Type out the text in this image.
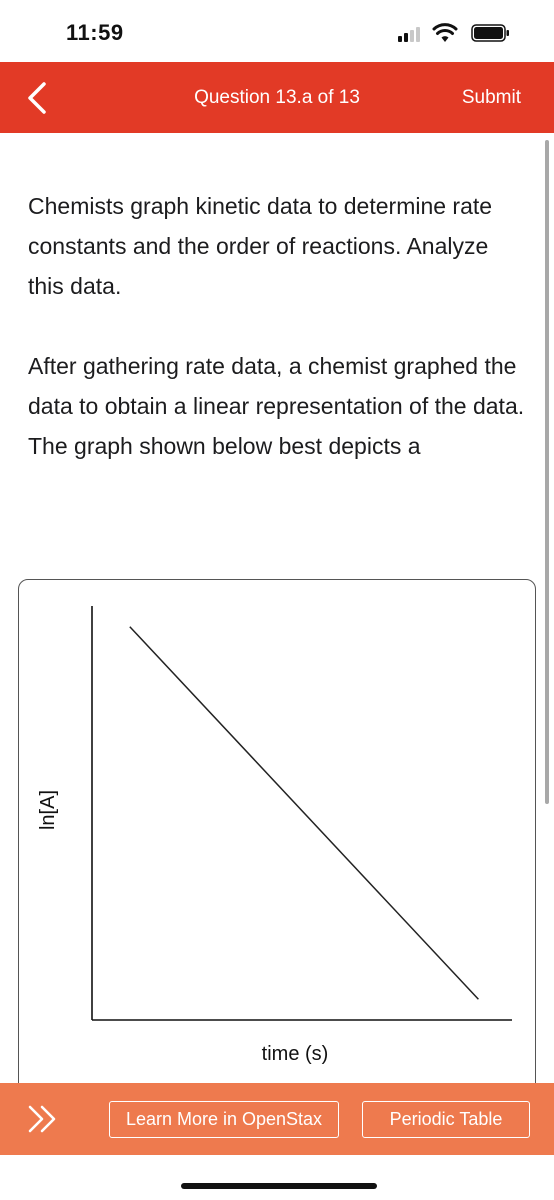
11:59
Question 13.a of 13	Submit
Chemists graph kinetic data to determine rate constants and the order of reactions. Analyze this data.
After gathering rate data, a chemist graphed the data to obtain a linear representation of the data. The graph shown below best depicts a
ln[A]
time (s)
Learn More in OpenStax	Periodic Table
